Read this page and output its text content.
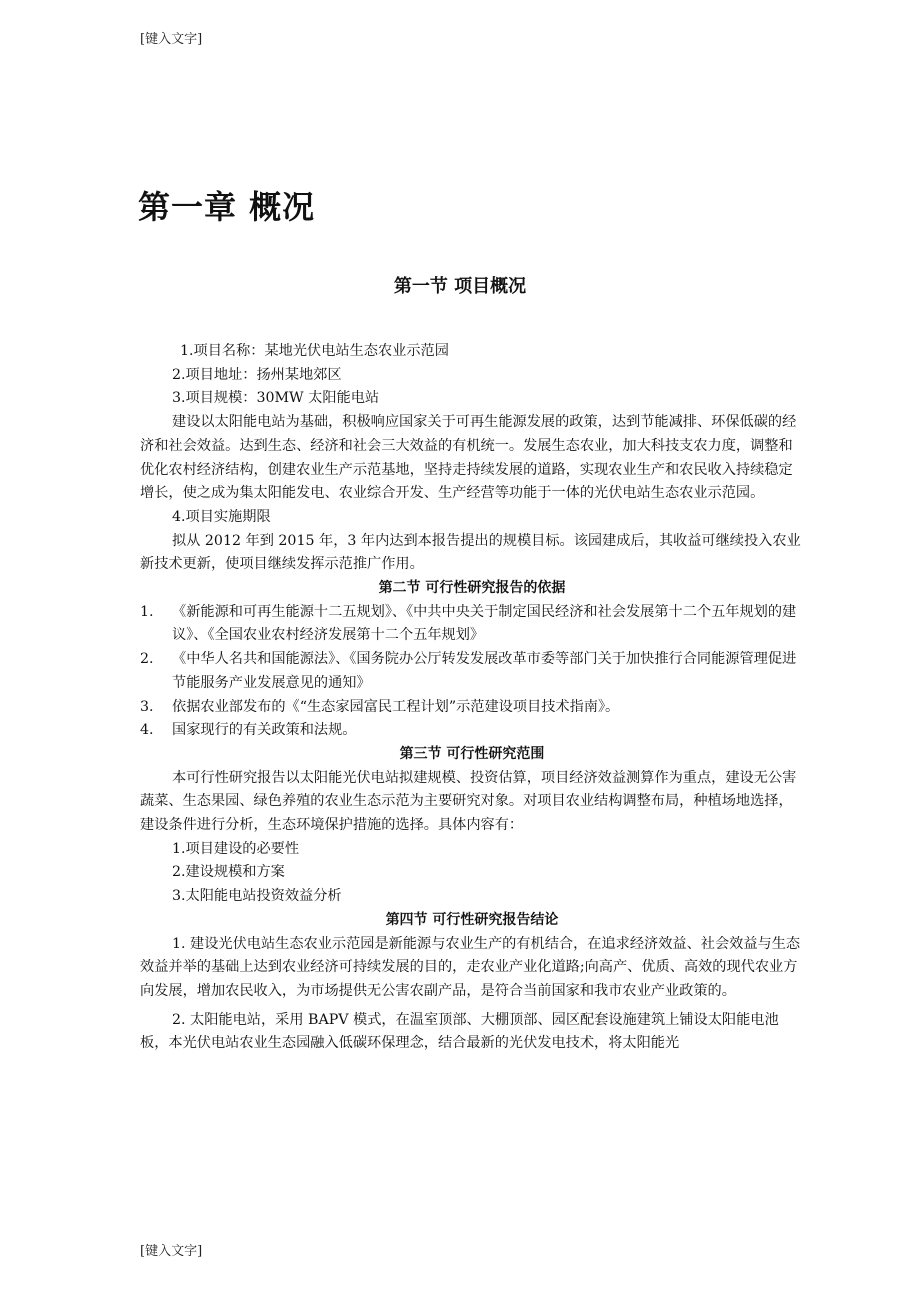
[键入文字]
第一章 概况
第一节 项目概况

1.项目名称：某地光伏电站生态农业示范园

2.项目地址：扬州某地郊区

3.项目规模：30MW 太阳能电站

建设以太阳能电站为基础，积极响应国家关于可再生能源发展的政策，达到节能减排、环保低碳的经济和社会效益。达到生态、经济和社会三大效益的有机统一。发展生态农业，加大科技支农力度，调整和优化农村经济结构，创建农业生产示范基地，坚持走持续发展的道路，实现农业生产和农民收入持续稳定增长，使之成为集太阳能发电、农业综合开发、生产经营等功能于一体的光伏电站生态农业示范园。

4.项目实施期限

拟从 2012 年到 2015 年，3 年内达到本报告提出的规模目标。该园建成后，其收益可继续投入农业新技术更新，使项目继续发挥示范推广作用。

第二节 可行性研究报告的依据

1.	《新能源和可再生能源十二五规划》、《中共中央关于制定国民经济和社会发展第十二个五年规划的建议》、《全国农业农村经济发展第十二个五年规划》
2.	《中华人名共和国能源法》、《国务院办公厅转发发展改革市委等部门关于加快推行合同能源管理促进节能服务产业发展意见的通知》
3.	依据农业部发布的《“生态家园富民工程计划”示范建设项目技术指南》。
4.	国家现行的有关政策和法规。

第三节 可行性研究范围

本可行性研究报告以太阳能光伏电站拟建规模、投资估算，项目经济效益测算作为重点，建设无公害蔬菜、生态果园、绿色养殖的农业生态示范为主要研究对象。对项目农业结构调整布局，种植场地选择，建设条件进行分析，生态环境保护措施的选择。具体内容有：

1.项目建设的必要性

2.建设规模和方案

3.太阳能电站投资效益分析

第四节 可行性研究报告结论

1. 建设光伏电站生态农业示范园是新能源与农业生产的有机结合，在追求经济效益、社会效益与生态效益并举的基础上达到农业经济可持续发展的目的，走农业产业化道路;向高产、优质、高效的现代农业方向发展，增加农民收入，为市场提供无公害农副产品，是符合当前国家和我市农业产业政策的。

2. 太阳能电站，采用 BAPV 模式，在温室顶部、大棚顶部、园区配套设施建筑上铺设太阳能电池板，本光伏电站农业生态园融入低碳环保理念，结合最新的光伏发电技术，将太阳能光

[键入文字]
